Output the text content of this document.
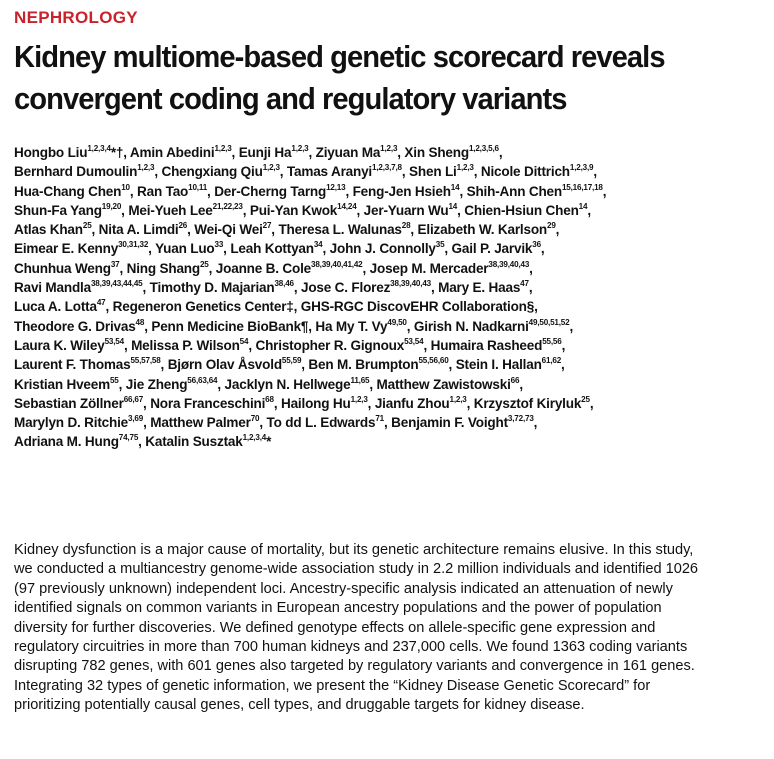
NEPHROLOGY
Kidney multiome-based genetic scorecard reveals
convergent coding and regulatory variants
Hongbo Liu$^{1,2,3,4}$*†, Amin Abedini$^{1,2,3}$, Eunji Ha$^{1,2,3}$, Ziyuan Ma$^{1,2,3}$, Xin Sheng$^{1,2,3,5,6}$,
Bernhard Dumoulin$^{1,2,3}$, Chengxiang Qiu$^{1,2,3}$, Tamas Aranyi$^{1,2,3,7,8}$, Shen Li$^{1,2,3}$, Nicole Dittrich$^{1,2,3,9}$,
Hua-Chang Chen$^{10}$, Ran Tao$^{10,11}$, Der-Cherng Tarng$^{12,13}$, Feng-Jen Hsieh$^{14}$, Shih-Ann Chen$^{15,16,17,18}$,
Shun-Fa Yang$^{19,20}$, Mei-Yueh Lee$^{21,22,23}$, Pui-Yan Kwok$^{14,24}$, Jer-Yuarn Wu$^{14}$, Chien-Hsiun Chen$^{14}$,
Atlas Khan$^{25}$, Nita A. Limdi$^{26}$, Wei-Qi Wei$^{27}$, Theresa L. Walunas$^{28}$, Elizabeth W. Karlson$^{29}$,
Eimear E. Kenny$^{30,31,32}$, Yuan Luo$^{33}$, Leah Kottyan$^{34}$, John J. Connolly$^{35}$, Gail P. Jarvik$^{36}$,
Chunhua Weng$^{37}$, Ning Shang$^{25}$, Joanne B. Cole$^{38,39,40,41,42}$, Josep M. Mercader$^{38,39,40,43}$,
Ravi Mandla$^{38,39,43,44,45}$, Timothy D. Majarian$^{38,46}$, Jose C. Florez$^{38,39,40,43}$, Mary E. Haas$^{47}$,
Luca A. Lotta$^{47}$, Regeneron Genetics Center‡, GHS-RGC DiscovEHR Collaboration§,
Theodore G. Drivas$^{48}$, Penn Medicine BioBank¶, Ha My T. Vy$^{49,50}$, Girish N. Nadkarni$^{49,50,51,52}$,
Laura K. Wiley$^{53,54}$, Melissa P. Wilson$^{54}$, Christopher R. Gignoux$^{53,54}$, Humaira Rasheed$^{55,56}$,
Laurent F. Thomas$^{55,57,58}$, Bjørn Olav Åsvold$^{55,59}$, Ben M. Brumpton$^{55,56,60}$, Stein I. Hallan$^{61,62}$,
Kristian Hveem$^{55}$, Jie Zheng$^{56,63,64}$, Jacklyn N. Hellwege$^{11,65}$, Matthew Zawistowski$^{66}$,
Sebastian Zöllner$^{66,67}$, Nora Franceschini$^{68}$, Hailong Hu$^{1,2,3}$, Jianfu Zhou$^{1,2,3}$, Krzysztof Kiryluk$^{25}$,
Marylyn D. Ritchie$^{3,69}$, Matthew Palmer$^{70}$, To dd L. Edwards$^{71}$, Benjamin F. Voight$^{3,72,73}$,
Adriana M. Hung$^{74,75}$, Katalin Susztak$^{1,2,3,4}$*
Kidney dysfunction is a major cause of mortality, but its genetic architecture remains elusive. In this study,
we conducted a multiancestry genome-wide association study in 2.2 million individuals and identified 1026
(97 previously unknown) independent loci. Ancestry-specific analysis indicated an attenuation of newly
identified signals on common variants in European ancestry populations and the power of population
diversity for further discoveries. We defined genotype effects on allele-specific gene expression and
regulatory circuitries in more than 700 human kidneys and 237,000 cells. We found 1363 coding variants
disrupting 782 genes, with 601 genes also targeted by regulatory variants and convergence in 161 genes.
Integrating 32 types of genetic information, we present the “Kidney Disease Genetic Scorecard” for
prioritizing potentially causal genes, cell types, and druggable targets for kidney disease.
